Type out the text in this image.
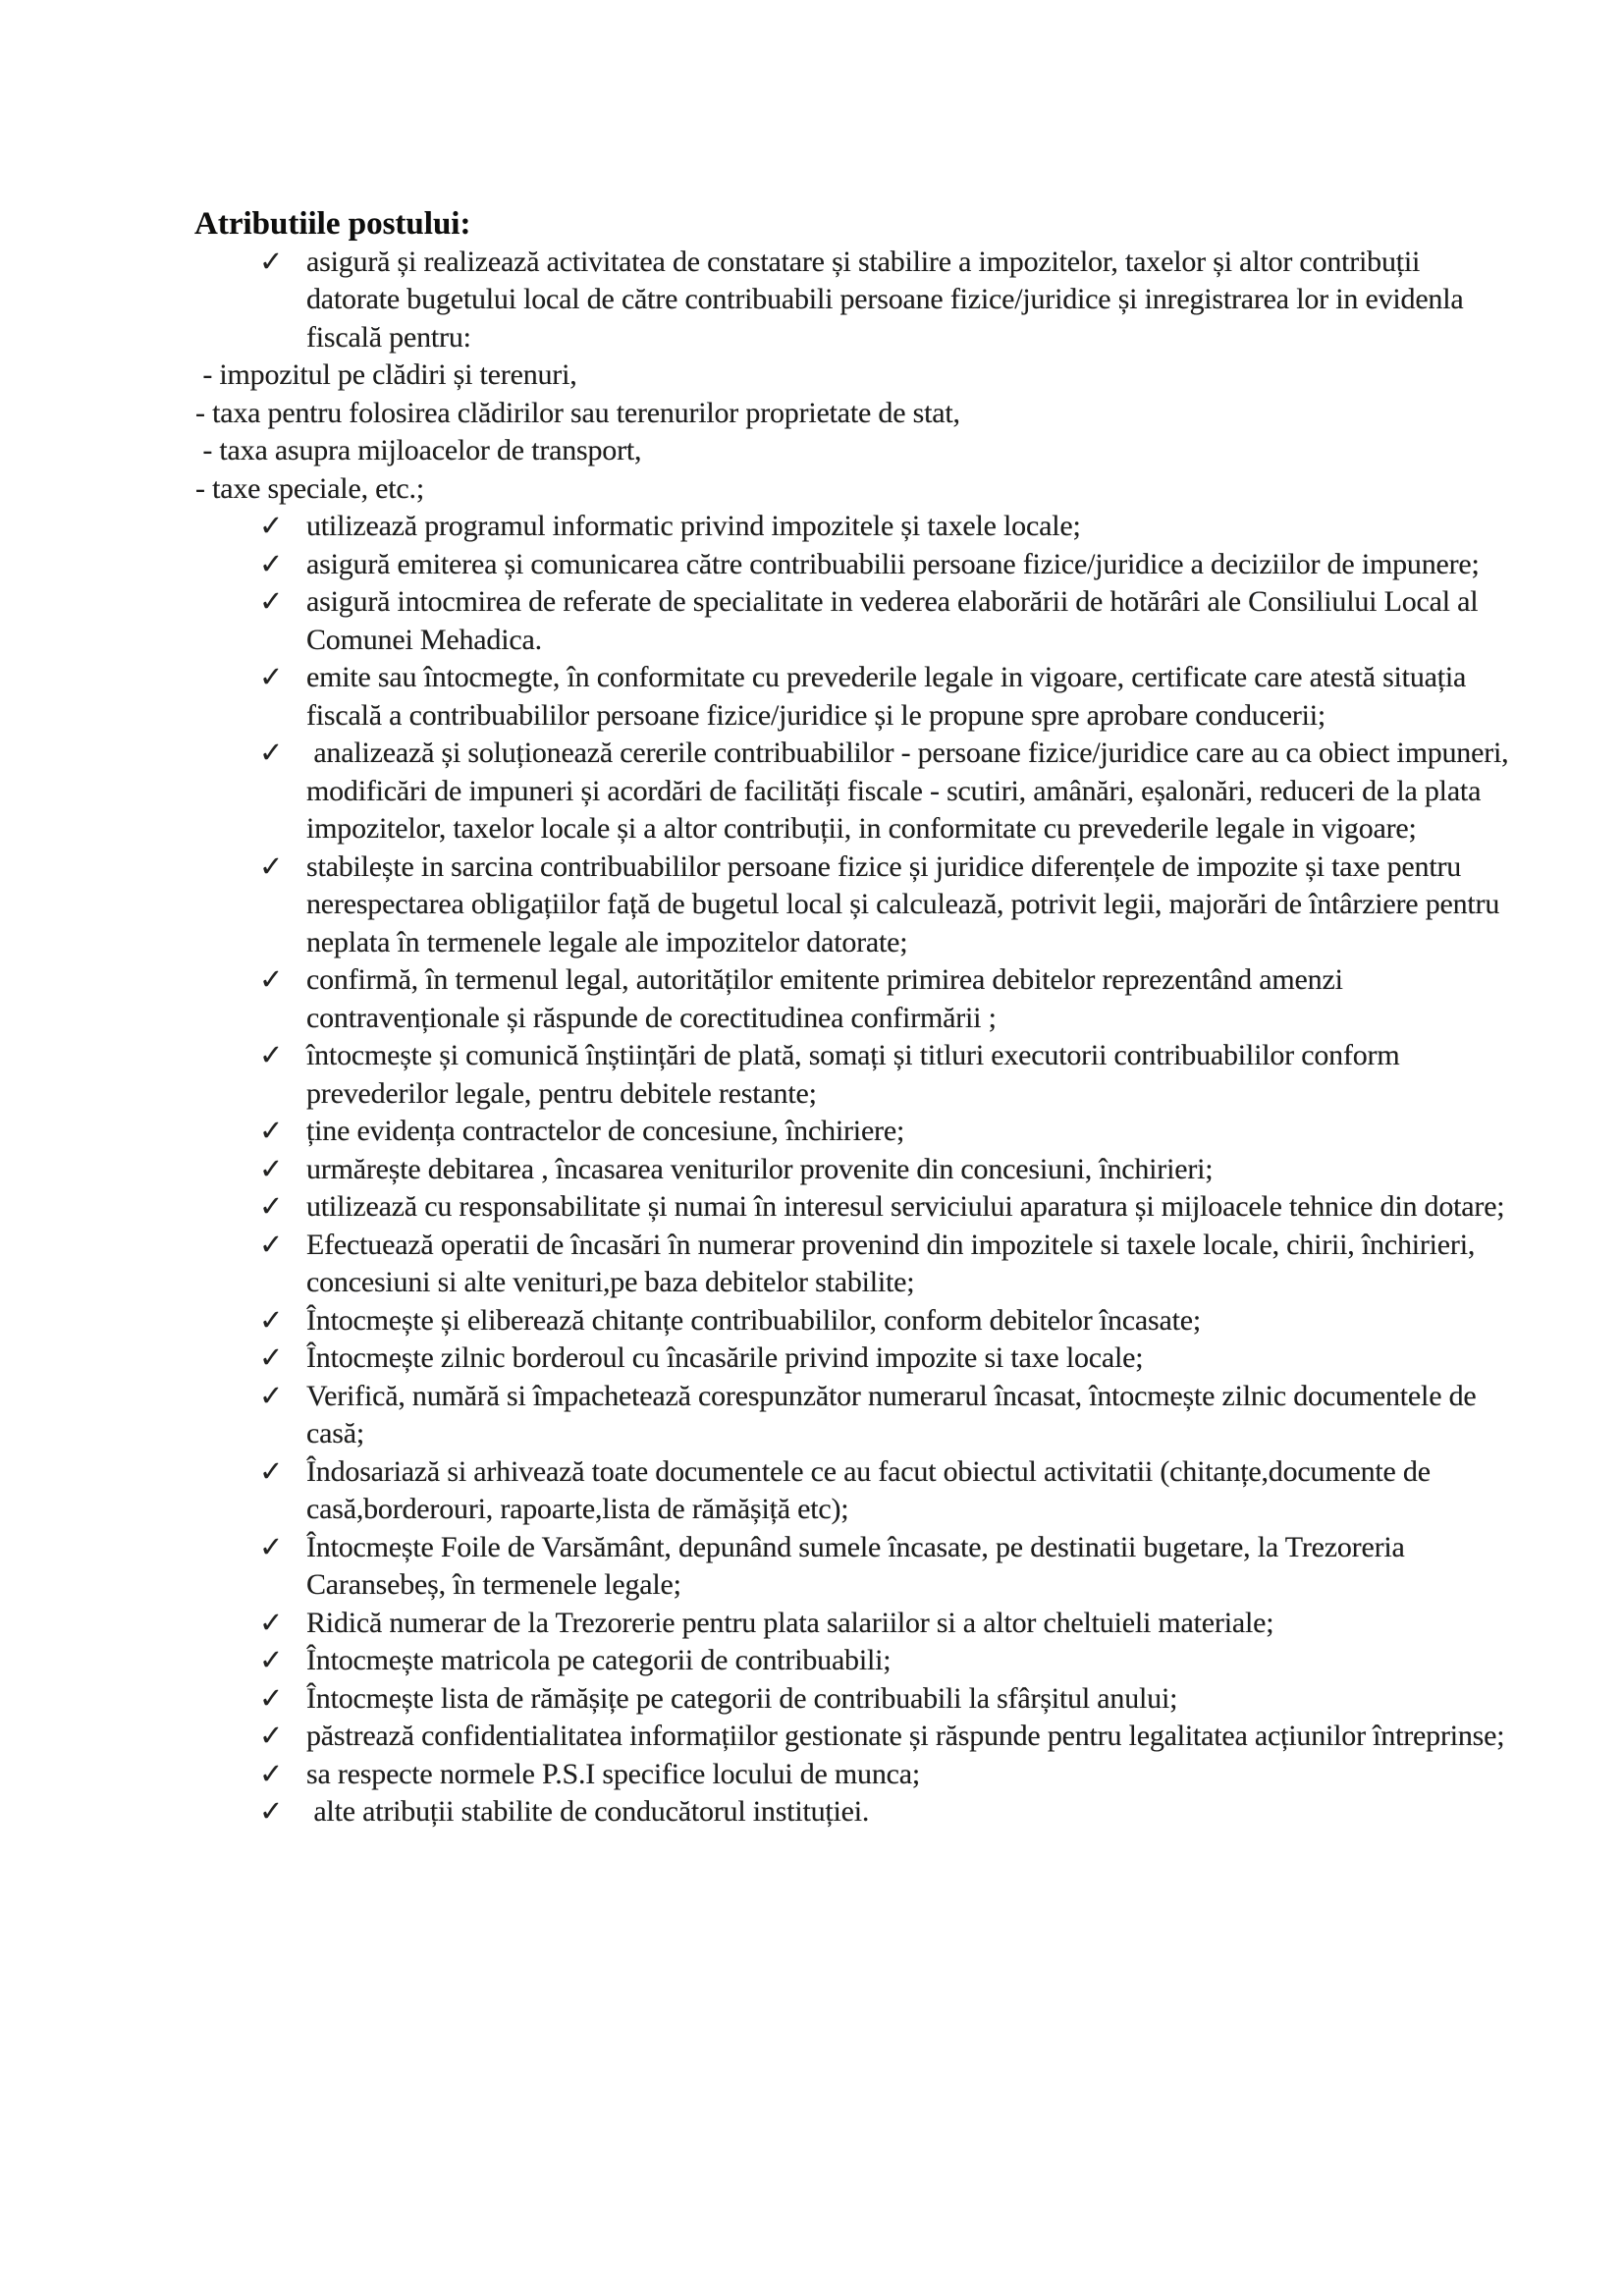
Atributiile postului:
✓ asigură și realizează activitatea de constatare și stabilire a impozitelor, taxelor și altor contribuții datorate bugetului local de către contribuabili persoane fizice/juridice și inregistrarea lor in evidenla fiscală pentru:
- impozitul pe clădiri și terenuri,
- taxa pentru folosirea clădirilor sau terenurilor proprietate de stat,
- taxa asupra mijloacelor de transport,
- taxe speciale, etc.;
✓ utilizează programul informatic privind impozitele și taxele locale;
✓ asigură emiterea și comunicarea către contribuabilii persoane fizice/juridice a deciziilor de impunere;
✓ asigură intocmirea de referate de specialitate in vederea elaborării de hotărâri ale Consiliului Local al Comunei Mehadica.
✓ emite sau întocmegte, în conformitate cu prevederile legale in vigoare, certificate care atestă situația fiscală a contribuabililor persoane fizice/juridice și le propune spre aprobare conducerii;
✓ analizează și soluționează cererile contribuabililor - persoane fizice/juridice care au ca obiect impuneri, modificări de impuneri și acordări de facilități fiscale - scutiri, amânări, eșalonări, reduceri de la plata impozitelor, taxelor locale și a altor contribuții, in conformitate cu prevederile legale in vigoare;
✓ stabilește in sarcina contribuabililor persoane fizice și juridice diferențele de impozite și taxe pentru nerespectarea obligațiilor față de bugetul local și calculează, potrivit legii, majorări de întârziere pentru neplata în termenele legale ale impozitelor datorate;
✓ confirmă, în termenul legal, autorităților emitente primirea debitelor reprezentând amenzi contravenționale și răspunde de corectitudinea confirmării ;
✓ întocmește și comunică înștiințări de plată, somați și titluri executorii contribuabililor conform prevederilor legale, pentru debitele restante;
✓ ține evidența contractelor de concesiune, închiriere;
✓ urmărește debitarea , încasarea veniturilor provenite din concesiuni, închirieri;
✓ utilizează cu responsabilitate și numai în interesul serviciului aparatura și mijloacele tehnice din dotare;
✓ Efectuează operatii de încasări în numerar provenind din impozitele si taxele locale, chirii, închirieri, concesiuni si alte venituri,pe baza debitelor stabilite;
✓ Întocmește și eliberează chitanțe contribuabililor, conform debitelor încasate;
✓ Întocmește zilnic borderoul cu încasările privind impozite si taxe locale;
✓ Verifică, numără si împachetează corespunzător numerarul încasat, întocmește zilnic documentele de casă;
✓ Îndosariază si arhivează toate documentele ce au facut obiectul activitatii (chitanțe,documente de casă,borderouri, rapoarte,lista de rămășiță etc);
✓ Întocmește Foile de Varsământ, depunând sumele încasate, pe destinatii bugetare, la Trezoreria Caransebeș, în termenele legale;
✓ Ridică numerar de la Trezorerie pentru plata salariilor si a altor cheltuieli materiale;
✓ Întocmește matricola pe categorii de contribuabili;
✓ Întocmește lista de rămășițe pe categorii de contribuabili la sfârșitul anului;
✓ păstrează confidentialitatea informațiilor gestionate și răspunde pentru legalitatea acțiunilor întreprinse;
✓ sa respecte normele P.S.I specifice locului de munca;
✓ alte atribuții stabilite de conducătorul instituției.
